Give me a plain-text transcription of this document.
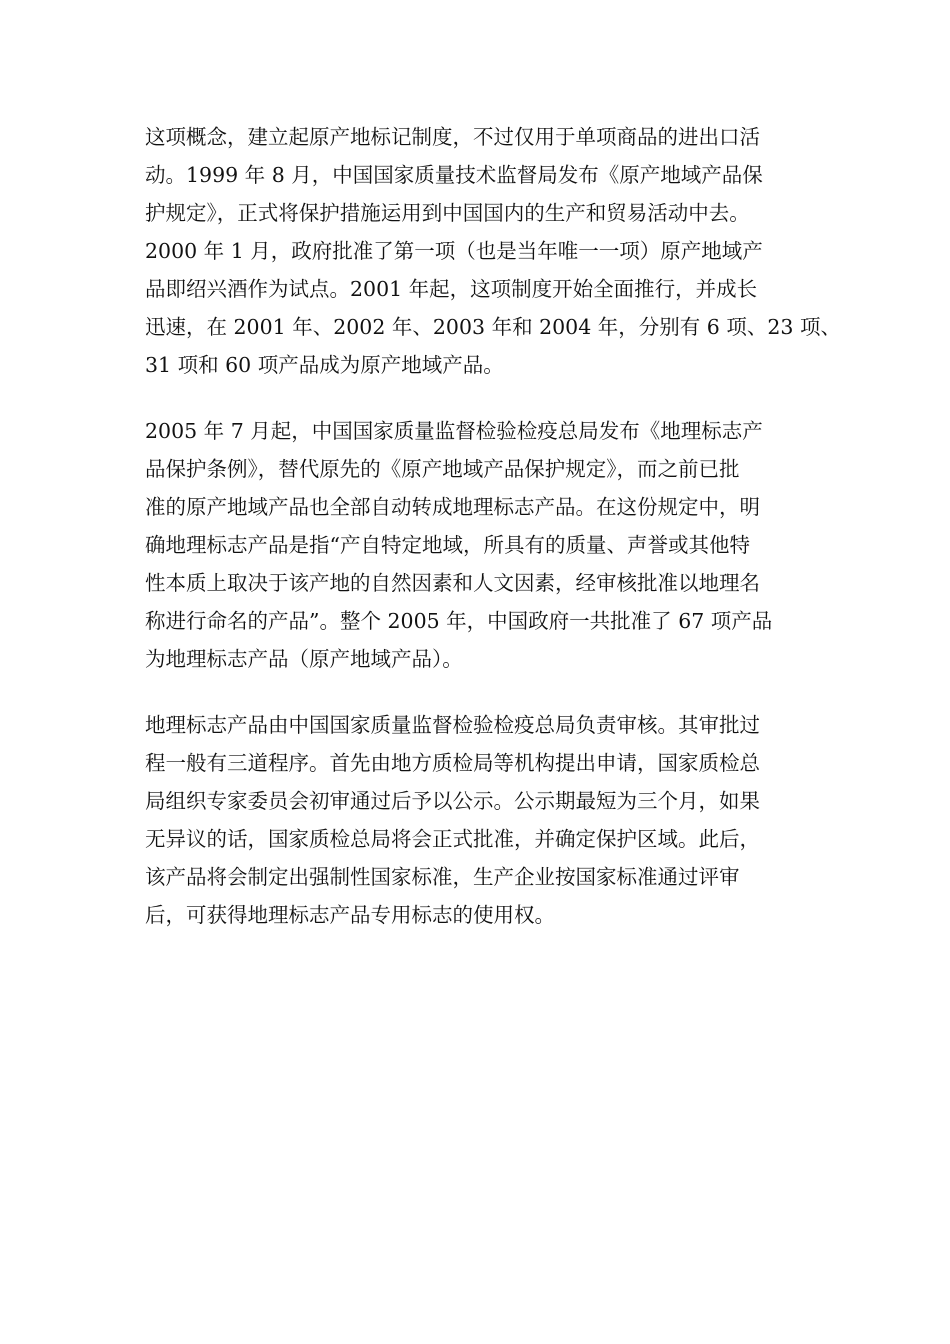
这项概念，建立起原产地标记制度，不过仅用于单项商品的进出口活
动。1999 年 8 月，中国国家质量技术监督局发布《原产地域产品保
护规定》，正式将保护措施运用到中国国内的生产和贸易活动中去。
2000 年 1 月，政府批准了第一项（也是当年唯一一项）原产地域产
品即绍兴酒作为试点。2001 年起，这项制度开始全面推行，并成长
迅速，在 2001 年、2002 年、2003 年和 2004 年，分别有 6 项、23 项、
31 项和 60 项产品成为原产地域产品。
2005 年 7 月起，中国国家质量监督检验检疫总局发布《地理标志产
品保护条例》，替代原先的《原产地域产品保护规定》，而之前已批
准的原产地域产品也全部自动转成地理标志产品。在这份规定中，明
确地理标志产品是指“产自特定地域，所具有的质量、声誉或其他特
性本质上取决于该产地的自然因素和人文因素，经审核批准以地理名
称进行命名的产品”。整个 2005 年，中国政府一共批准了 67 项产品
为地理标志产品（原产地域产品）。
地理标志产品由中国国家质量监督检验检疫总局负责审核。其审批过
程一般有三道程序。首先由地方质检局等机构提出申请，国家质检总
局组织专家委员会初审通过后予以公示。公示期最短为三个月，如果
无异议的话，国家质检总局将会正式批准，并确定保护区域。此后，
该产品将会制定出强制性国家标准，生产企业按国家标准通过评审
后，可获得地理标志产品专用标志的使用权。
